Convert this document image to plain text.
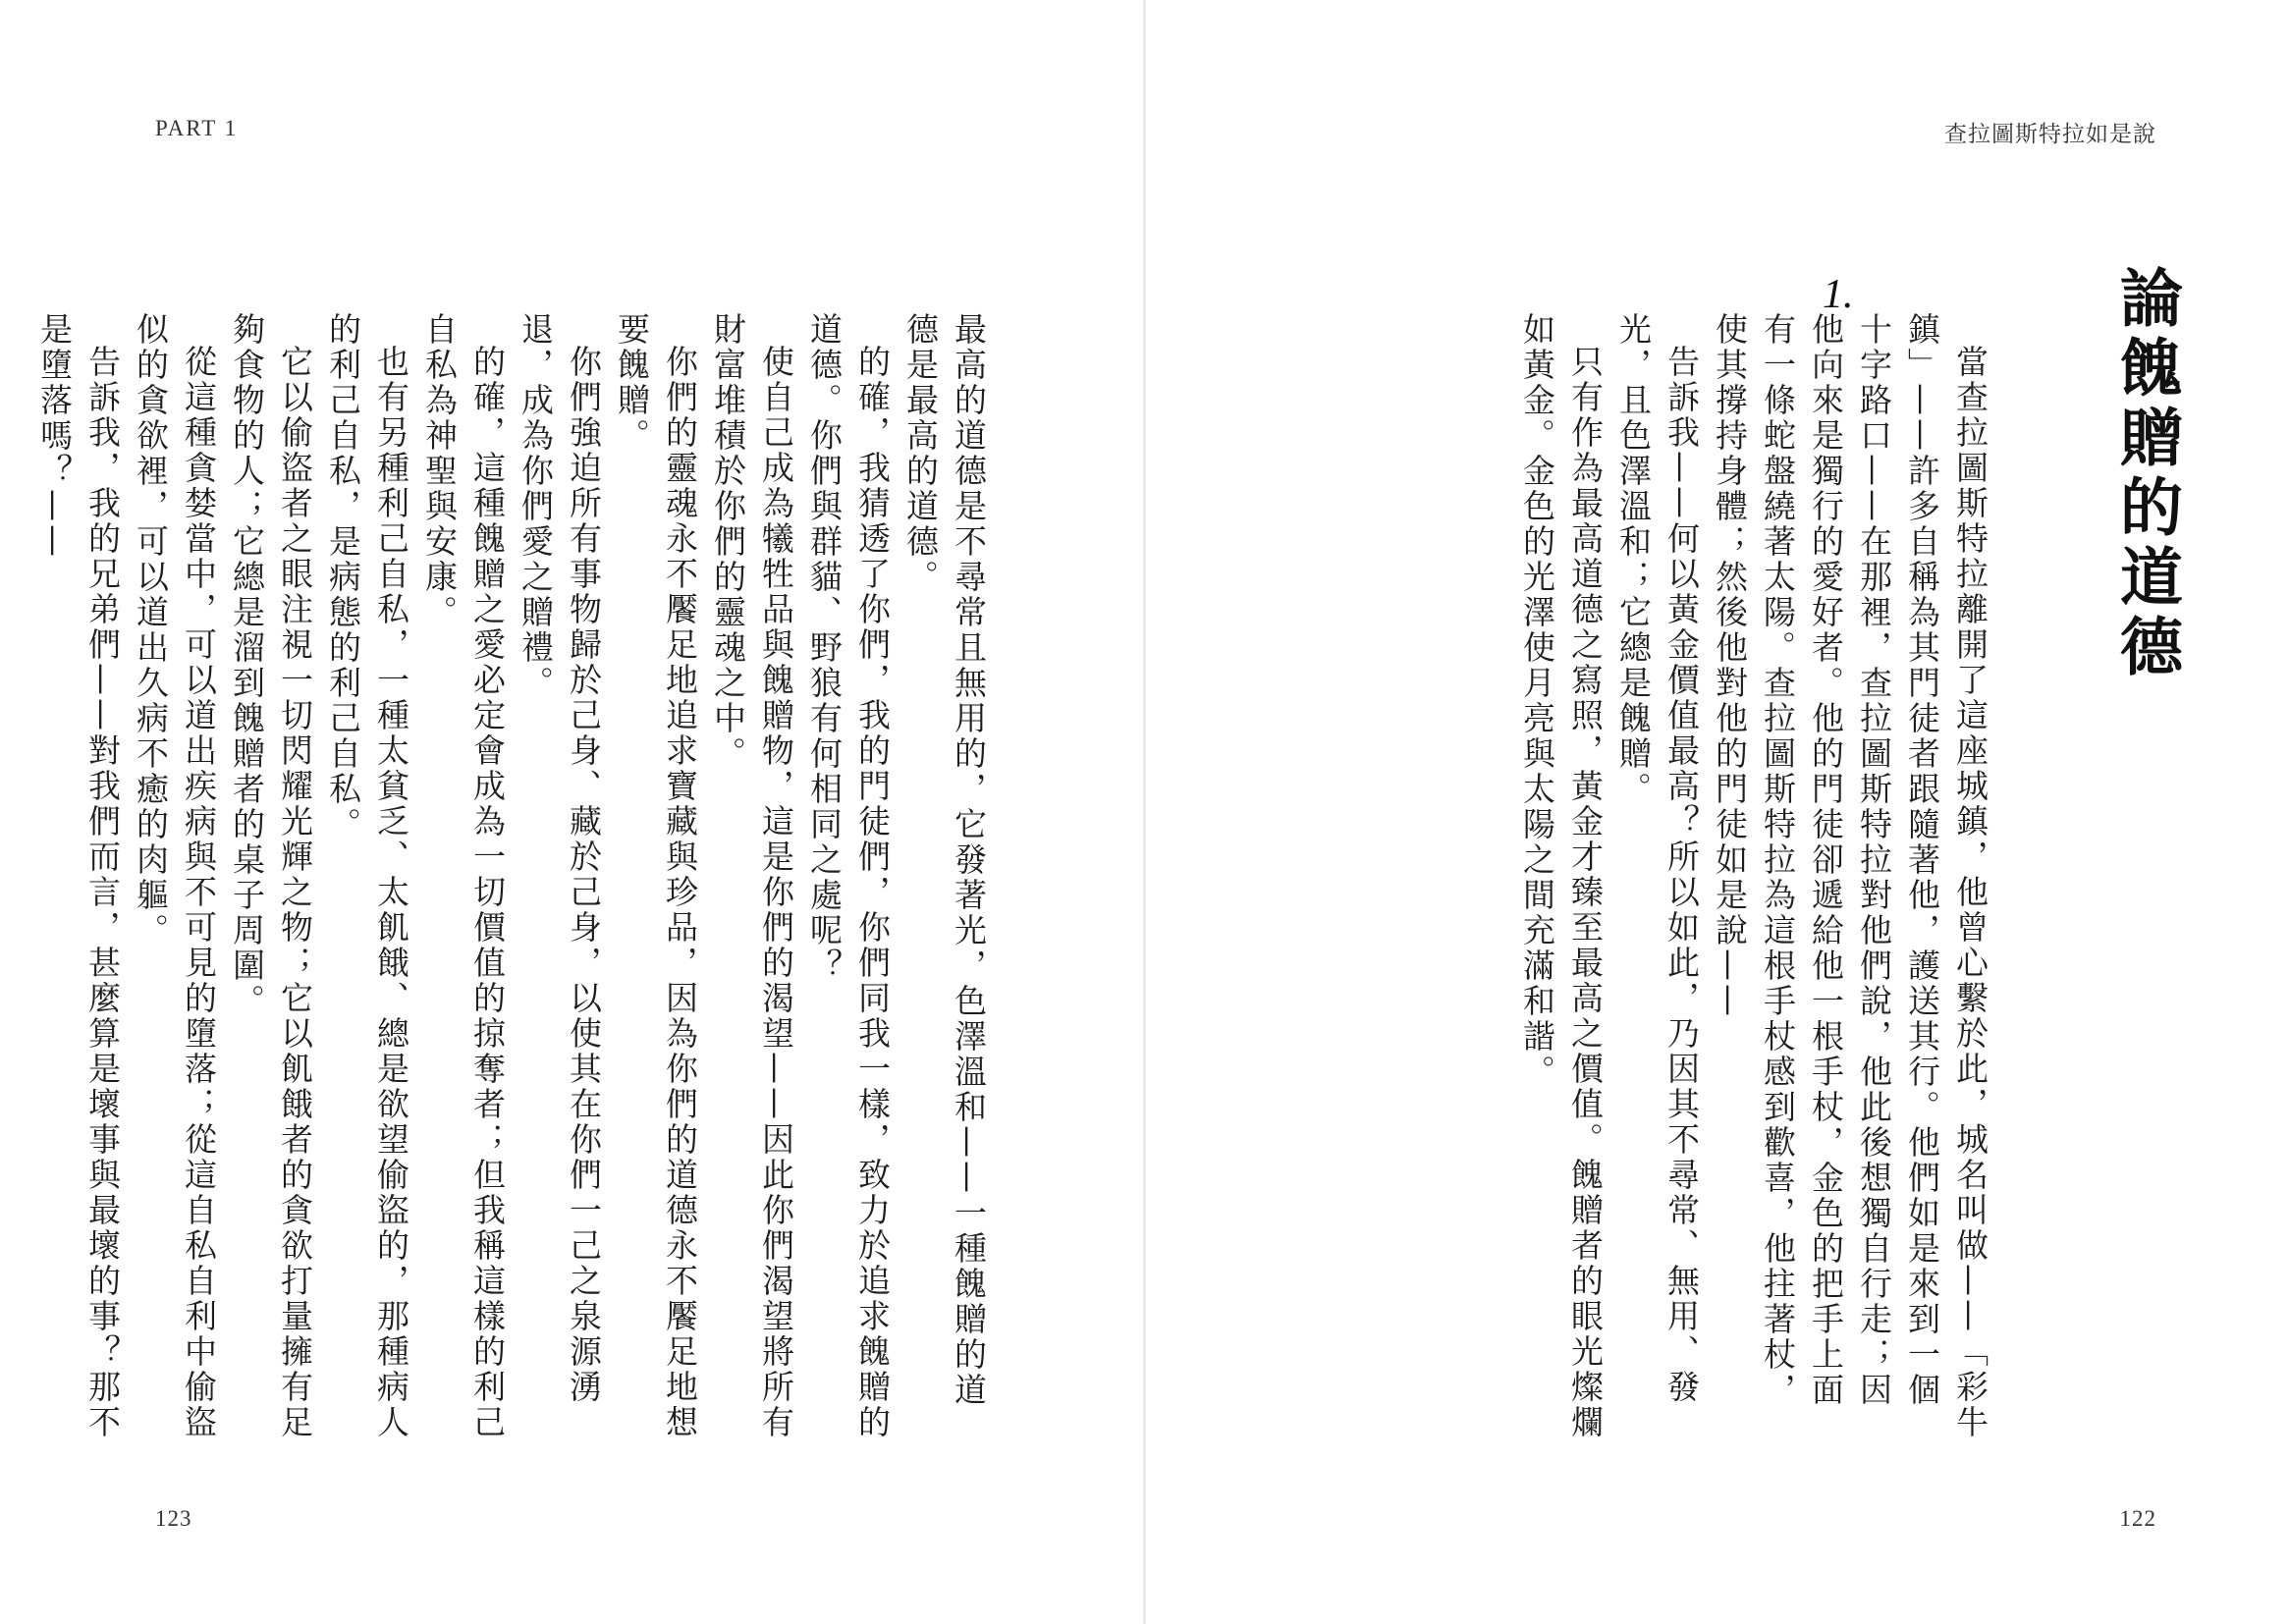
PART 1

最高的道德是不尋常且無用的，它發著光，色澤溫和——一種餽贈的道德是最高的道德。

的確，我猜透了你們，我的門徒們，你們同我一樣，致力於追求餽贈的道德。你們與群貓、野狼有何相同之處呢？

使自己成為犧牲品與餽贈物，這是你們的渴望——因此你們渴望將所有財富堆積於你們的靈魂之中。

你們的靈魂永不饜足地追求寶藏與珍品，因為你們的道德永不饜足地想要餽贈。

你們強迫所有事物歸於己身、藏於己身，以使其在你們一己之泉源湧退，成為你們愛之贈禮。

的確，這種餽贈之愛必定會成為一切價值的掠奪者；但我稱這樣的利己自私為神聖與安康。

也有另種利己自私，一種太貧乏、太飢餓、總是欲望偷盜的，那種病人的利己自私，是病態的利己自私。

它以偷盜者之眼注視一切閃耀光輝之物；它以飢餓者的貪欲打量擁有足夠食物的人；它總是溜到餽贈者的桌子周圍。

從這種貪婪當中，可以道出疾病與不可見的墮落；從這自私自利中偷盜似的貪欲裡，可以道出久病不癒的肉軀。

告訴我，我的兄弟們——對我們而言，甚麼算是壞事與最壞的事？那不是墮落嗎？——

123
查拉圖斯特拉如是說
論餽贈的道德
1.

當查拉圖斯特拉離開了這座城鎮，他曾心繫於此，城名叫做——「彩牛鎮」——許多自稱為其門徒者跟隨著他，護送其行。他們如是來到一個十字路口——在那裡，查拉圖斯特拉對他們說，他此後想獨自行走；因他向來是獨行的愛好者。他的門徒卻遞給他一根手杖，金色的把手上面有一條蛇盤繞著太陽。查拉圖斯特拉為這根手杖感到歡喜，他拄著杖，使其撐持身體；然後他對他的門徒如是說——

告訴我——何以黃金價值最高？所以如此，乃因其不尋常、無用、發光，且色澤溫和；它總是餽贈。

只有作為最高道德之寫照，黃金才臻至最高之價值。餽贈者的眼光燦爛如黃金。金色的光澤使月亮與太陽之間充滿和諧。

122
